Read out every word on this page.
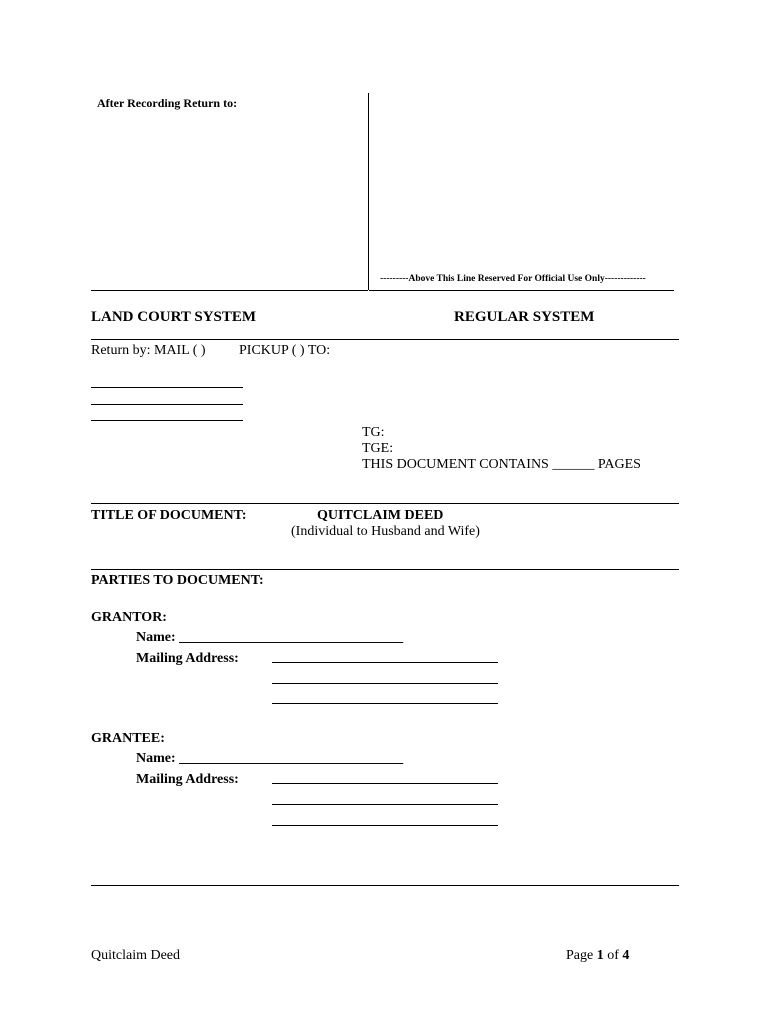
After Recording Return to:
---------Above This Line Reserved For Official Use Only-------------
LAND COURT SYSTEM	REGULAR SYSTEM
Return by: MAIL ( ) PICKUP ( ) TO:
TG:
TGE:
THIS DOCUMENT CONTAINS ______ PAGES
TITLE OF DOCUMENT:	QUITCLAIM DEED
(Individual to Husband and Wife)
PARTIES TO DOCUMENT:
GRANTOR:
Name: ________________________________
Mailing Address:
GRANTEE:
Name: ________________________________
Mailing Address:
Quitclaim Deed	Page 1 of 4
